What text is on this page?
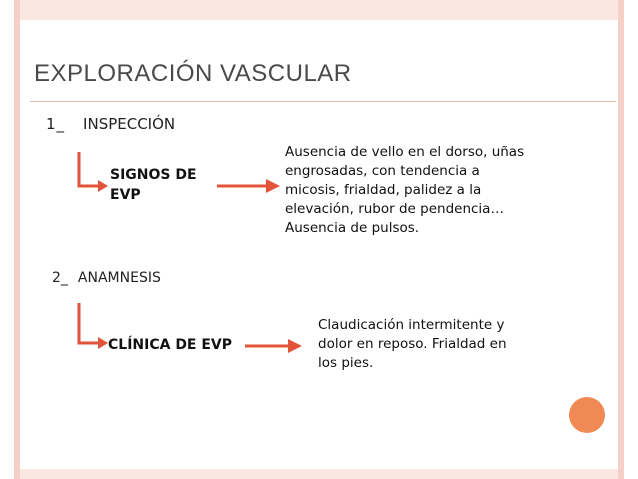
EXPLORACIÓN VASCULAR
1_ INSPECCIÓN
SIGNOS DE
EVP
Ausencia de vello en el dorso, uñas
engrosadas, con tendencia a
micosis, frialdad, palidez a la
elevación, rubor de pendencia…
Ausencia de pulsos.
2_ ANAMNESIS
CLÍNICA DE EVP
Claudicación intermitente y
dolor en reposo. Frialdad en
los pies.
